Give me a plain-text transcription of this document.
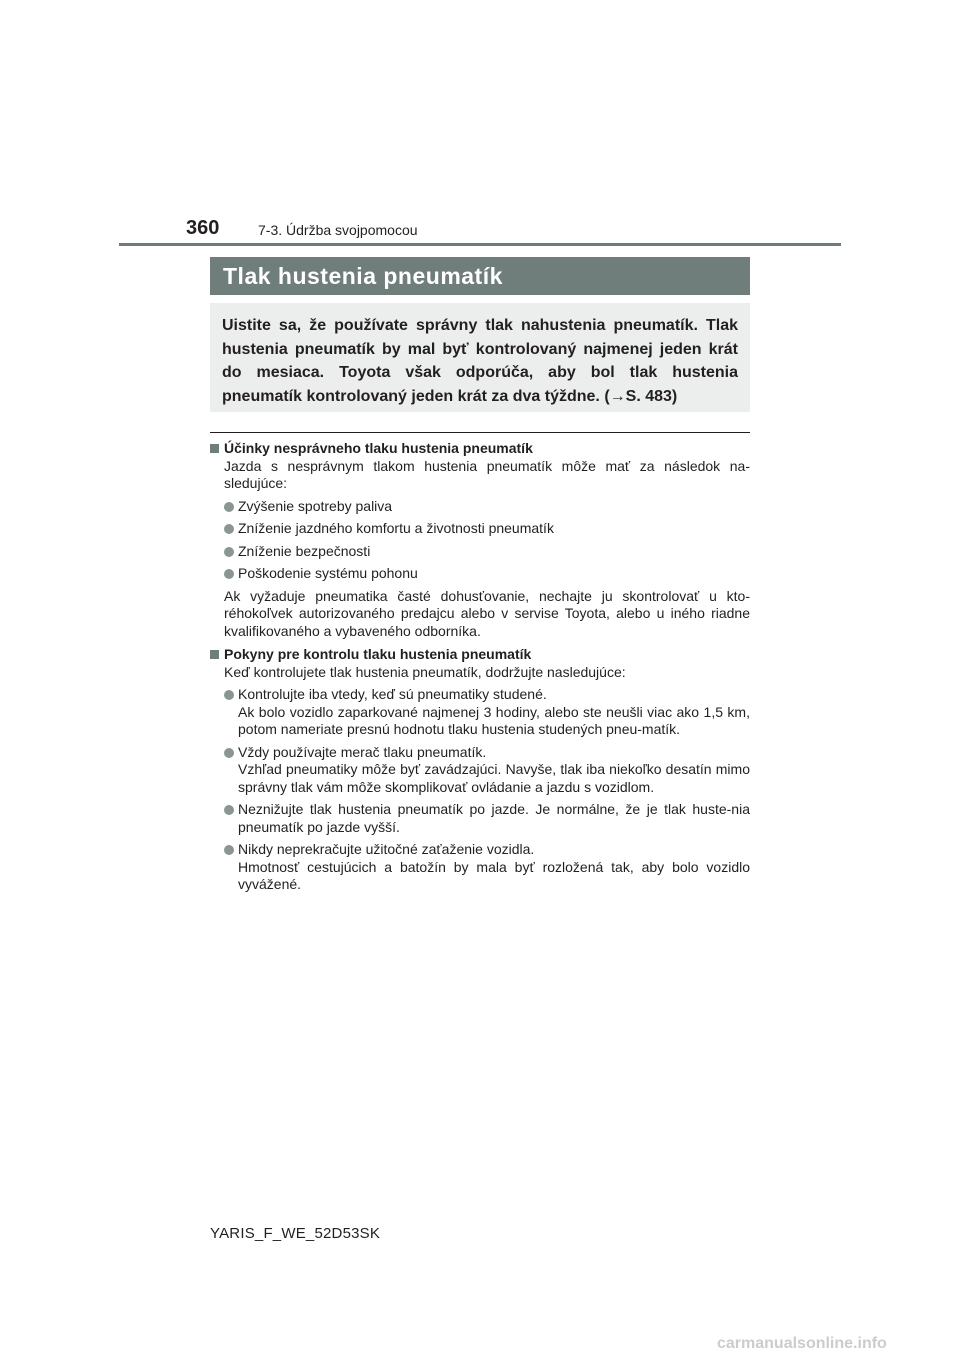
360	7-3. Údržba svojpomocou
Tlak hustenia pneumatík

Uistite sa, že používate správny tlak nahustenia pneumatík. Tlak hustenia pneumatík by mal byť kontrolovaný najmenej jeden krát do mesiaca. Toyota však odporúča, aby bol tlak hustenia pneumatík kontrolovaný jeden krát za dva týždne. (→S. 483)

Účinky nesprávneho tlaku hustenia pneumatík
Jazda s nesprávnym tlakom hustenia pneumatík môže mať za následok na-sledujúce:
Zvýšenie spotreby paliva
Zníženie jazdného komfortu a životnosti pneumatík
Zníženie bezpečnosti
Poškodenie systému pohonu
Ak vyžaduje pneumatika časté dohusťovanie, nechajte ju skontrolovať u kto-réhokoľvek autorizovaného predajcu alebo v servise Toyota, alebo u iného riadne kvalifikovaného a vybaveného odborníka.
Pokyny pre kontrolu tlaku hustenia pneumatík
Keď kontrolujete tlak hustenia pneumatík, dodržujte nasledujúce:
Kontrolujte iba vtedy, keď sú pneumatiky studené.
Ak bolo vozidlo zaparkované najmenej 3 hodiny, alebo ste neušli viac ako 1,5 km, potom nameriate presnú hodnotu tlaku hustenia studených pneu-matík.
Vždy používajte merač tlaku pneumatík.
Vzhľad pneumatiky môže byť zavádzajúci. Navyše, tlak iba niekoľko desatín mimo správny tlak vám môže skomplikovať ovládanie a jazdu s vozidlom.
Neznižujte tlak hustenia pneumatík po jazde. Je normálne, že je tlak huste-nia pneumatík po jazde vyšší.
Nikdy neprekračujte užitočné zaťaženie vozidla.
Hmotnosť cestujúcich a batožín by mala byť rozložená tak, aby bolo vozidlo vyvážené.
YARIS_F_WE_52D53SK
carmanualsonline.info
